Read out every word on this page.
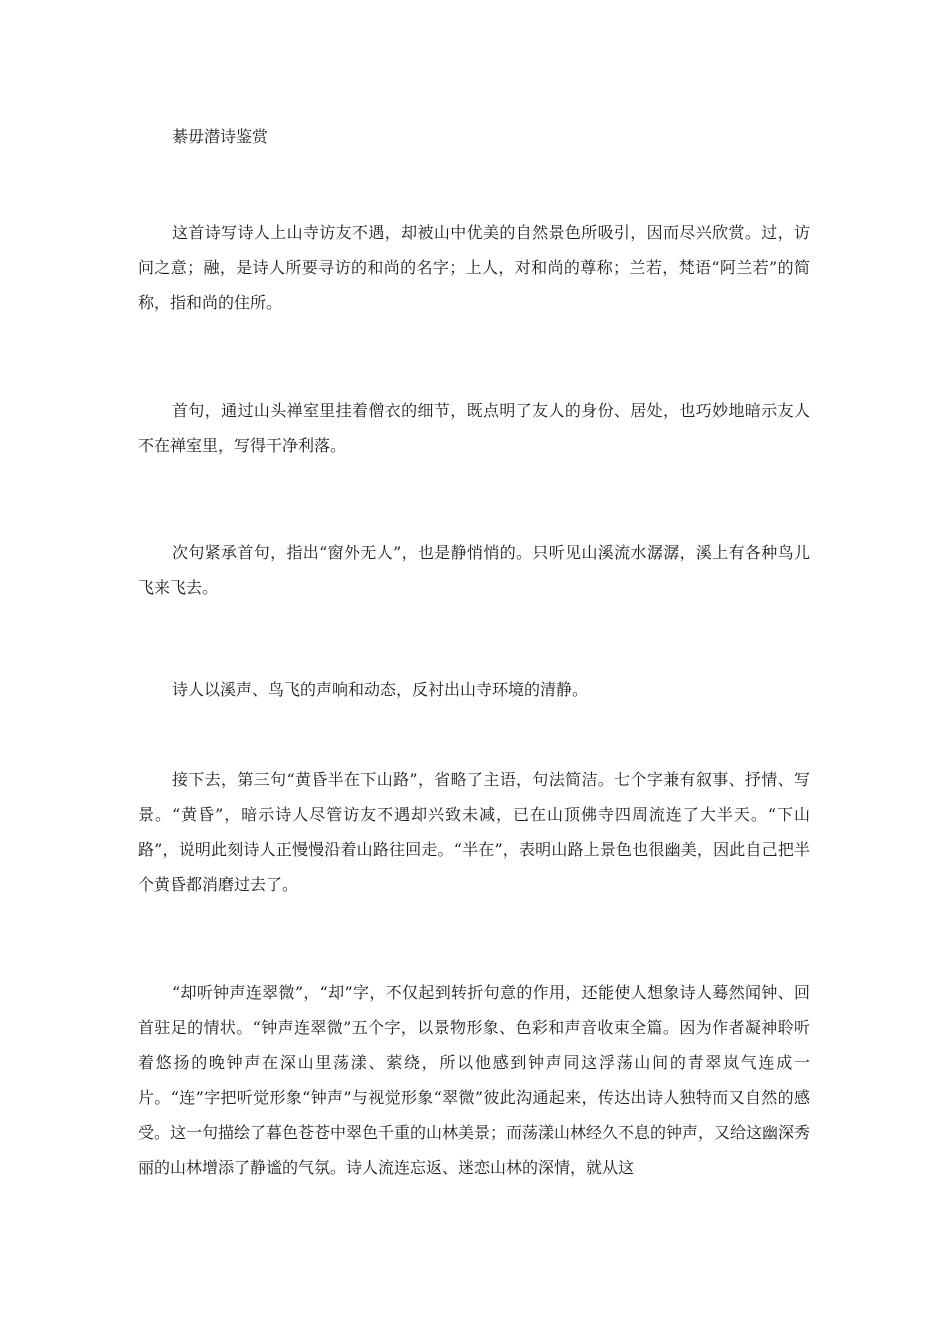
綦毋潜诗鉴赏

这首诗写诗人上山寺访友不遇，却被山中优美的自然景色所吸引，因而尽兴欣赏。过，访问之意；融，是诗人所要寻访的和尚的名字；上人，对和尚的尊称；兰若，梵语“阿兰若”的简称，指和尚的住所。

首句，通过山头禅室里挂着僧衣的细节，既点明了友人的身份、居处，也巧妙地暗示友人不在禅室里，写得干净利落。

次句紧承首句，指出“窗外无人”，也是静悄悄的。只听见山溪流水潺潺，溪上有各种鸟儿飞来飞去。

诗人以溪声、鸟飞的声响和动态，反衬出山寺环境的清静。

接下去，第三句“黄昏半在下山路”，省略了主语，句法简洁。七个字兼有叙事、抒情、写景。“黄昏”，暗示诗人尽管访友不遇却兴致未减，已在山顶佛寺四周流连了大半天。“下山路”，说明此刻诗人正慢慢沿着山路往回走。“半在”，表明山路上景色也很幽美，因此自己把半个黄昏都消磨过去了。

“却听钟声连翠微”，“却”字，不仅起到转折句意的作用，还能使人想象诗人蓦然闻钟、回首驻足的情状。“钟声连翠微”五个字，以景物形象、色彩和声音收束全篇。因为作者凝神聆听着悠扬的晚钟声在深山里荡漾、萦绕，所以他感到钟声同这浮荡山间的青翠岚气连成一片。“连”字把听觉形象“钟声”与视觉形象“翠微”彼此沟通起来，传达出诗人独特而又自然的感受。这一句描绘了暮色苍苍中翠色千重的山林美景；而荡漾山林经久不息的钟声，又给这幽深秀丽的山林增添了静谧的气氛。诗人流连忘返、迷恋山林的深情，就从这
